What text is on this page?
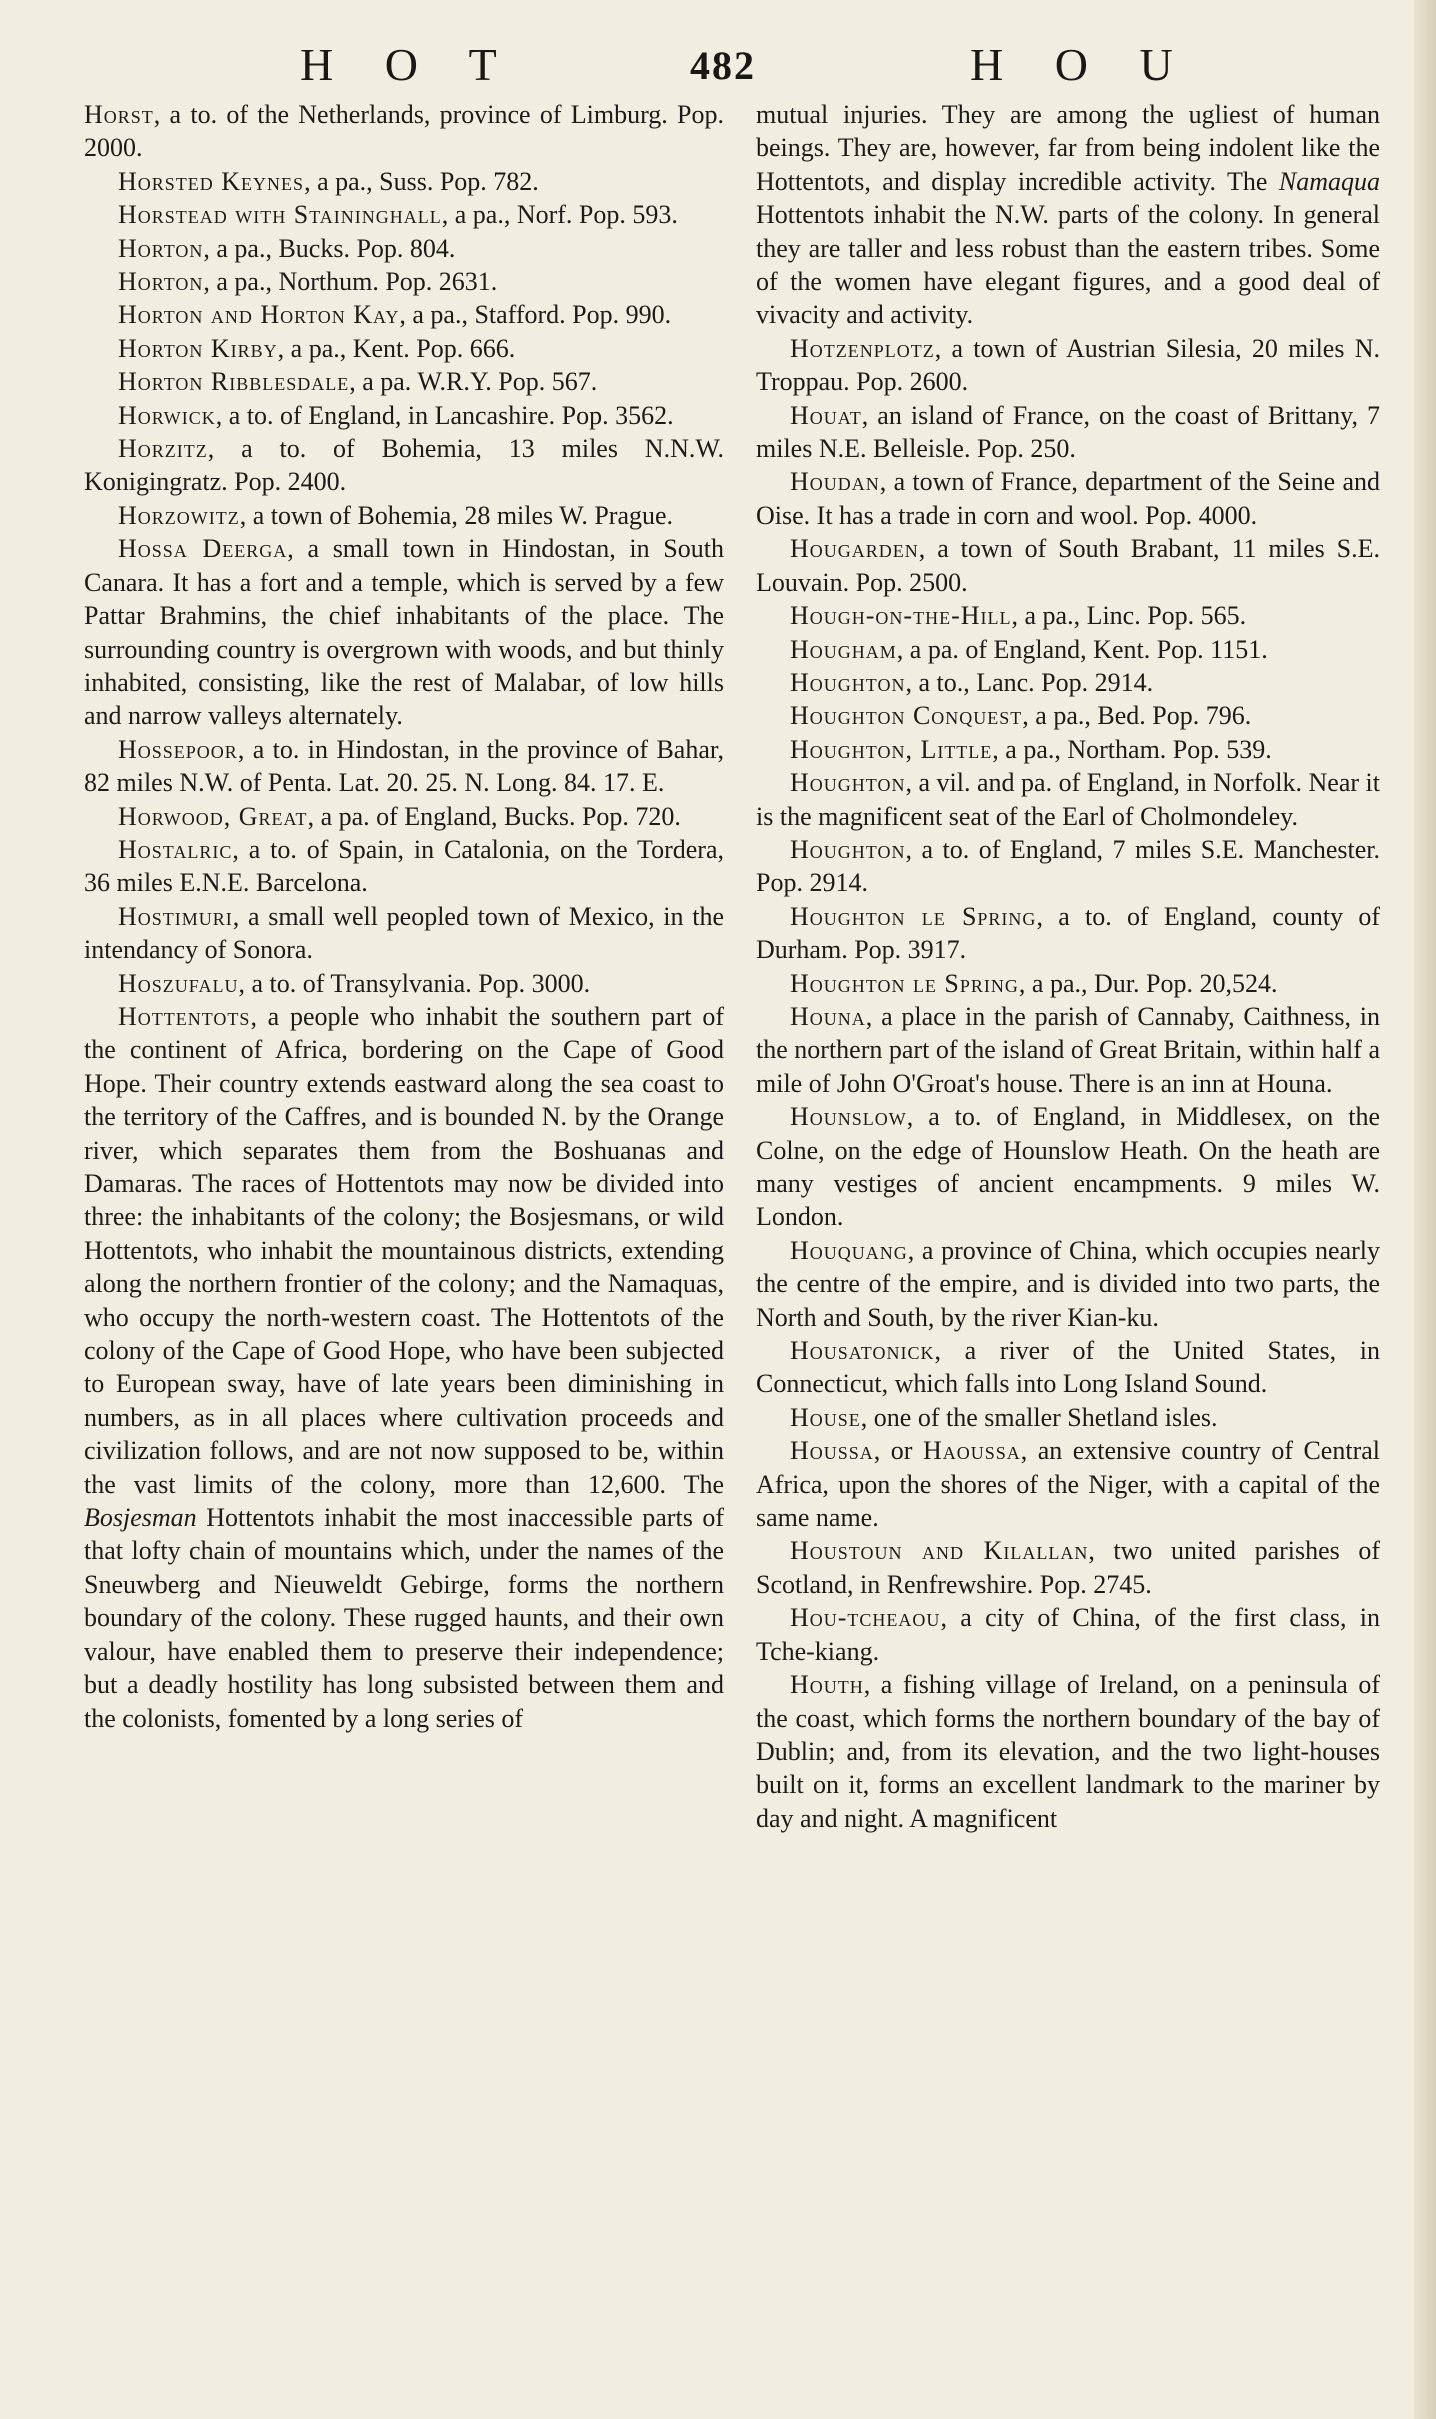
H O T	482	H O U

Horst, a to. of the Netherlands, province of Limburg. Pop. 2000.

Horsted Keynes, a pa., Suss. Pop. 782.

Horstead with Staininghall, a pa., Norf. Pop. 593.

Horton, a pa., Bucks. Pop. 804.

Horton, a pa., Northum. Pop. 2631.

Horton and Horton Kay, a pa., Stafford. Pop. 990.

Horton Kirby, a pa., Kent. Pop. 666.

Horton Ribblesdale, a pa. W.R.Y. Pop. 567.

Horwick, a to. of England, in Lancashire. Pop. 3562.

Horzitz, a to. of Bohemia, 13 miles N.N.W. Konigingratz. Pop. 2400.

Horzowitz, a town of Bohemia, 28 miles W. Prague.

Hossa Deerga, a small town in Hindostan, in South Canara. It has a fort and a temple, which is served by a few Pattar Brahmins, the chief inhabitants of the place. The surrounding country is overgrown with woods, and but thinly inhabited, consisting, like the rest of Malabar, of low hills and narrow valleys alternately.

Hossepoor, a to. in Hindostan, in the province of Bahar, 82 miles N.W. of Penta. Lat. 20. 25. N. Long. 84. 17. E.

Horwood, Great, a pa. of England, Bucks. Pop. 720.

Hostalric, a to. of Spain, in Catalonia, on the Tordera, 36 miles E.N.E. Barcelona.

Hostimuri, a small well peopled town of Mexico, in the intendancy of Sonora.

Hoszufalu, a to. of Transylvania. Pop. 3000.

Hottentots, a people who inhabit the southern part of the continent of Africa, bordering on the Cape of Good Hope. Their country extends eastward along the sea coast to the territory of the Caffres, and is bounded N. by the Orange river, which separates them from the Boshuanas and Damaras. The races of Hottentots may now be divided into three: the inhabitants of the colony; the Bosjesmans, or wild Hottentots, who inhabit the mountainous districts, extending along the northern frontier of the colony; and the Namaquas, who occupy the north-western coast. The Hottentots of the colony of the Cape of Good Hope, who have been subjected to European sway, have of late years been diminishing in numbers, as in all places where cultivation proceeds and civilization follows, and are not now supposed to be, within the vast limits of the colony, more than 12,600. The Bosjesman Hottentots inhabit the most inaccessible parts of that lofty chain of mountains which, under the names of the Sneuwberg and Nieuweldt Gebirge, forms the northern boundary of the colony. These rugged haunts, and their own valour, have enabled them to preserve their independence; but a deadly hostility has long subsisted between them and the colonists, fomented by a long series of

mutual injuries. They are among the ugliest of human beings. They are, however, far from being indolent like the Hottentots, and display incredible activity. The Namaqua Hottentots inhabit the N.W. parts of the colony. In general they are taller and less robust than the eastern tribes. Some of the women have elegant figures, and a good deal of vivacity and activity.

Hotzenplotz, a town of Austrian Silesia, 20 miles N. Troppau. Pop. 2600.

Houat, an island of France, on the coast of Brittany, 7 miles N.E. Belleisle. Pop. 250.

Houdan, a town of France, department of the Seine and Oise. It has a trade in corn and wool. Pop. 4000.

Hougarden, a town of South Brabant, 11 miles S.E. Louvain. Pop. 2500.

Hough-on-the-Hill, a pa., Linc. Pop. 565.

Hougham, a pa. of England, Kent. Pop. 1151.

Houghton, a to., Lanc. Pop. 2914.

Houghton Conquest, a pa., Bed. Pop. 796.

Houghton, Little, a pa., Northam. Pop. 539.

Houghton, a vil. and pa. of England, in Norfolk. Near it is the magnificent seat of the Earl of Cholmondeley.

Houghton, a to. of England, 7 miles S.E. Manchester. Pop. 2914.

Houghton le Spring, a to. of England, county of Durham. Pop. 3917.

Houghton le Spring, a pa., Dur. Pop. 20,524.

Houna, a place in the parish of Cannaby, Caithness, in the northern part of the island of Great Britain, within half a mile of John O'Groat's house. There is an inn at Houna.

Hounslow, a to. of England, in Middlesex, on the Colne, on the edge of Hounslow Heath. On the heath are many vestiges of ancient encampments. 9 miles W. London.

Houquang, a province of China, which occupies nearly the centre of the empire, and is divided into two parts, the North and South, by the river Kian-ku.

Housatonick, a river of the United States, in Connecticut, which falls into Long Island Sound.

House, one of the smaller Shetland isles.

Houssa, or Haoussa, an extensive country of Central Africa, upon the shores of the Niger, with a capital of the same name.

Houstoun and Kilallan, two united parishes of Scotland, in Renfrewshire. Pop. 2745.

Hou-tcheaou, a city of China, of the first class, in Tche-kiang.

Houth, a fishing village of Ireland, on a peninsula of the coast, which forms the northern boundary of the bay of Dublin; and, from its elevation, and the two light-houses built on it, forms an excellent landmark to the mariner by day and night. A magnificent
